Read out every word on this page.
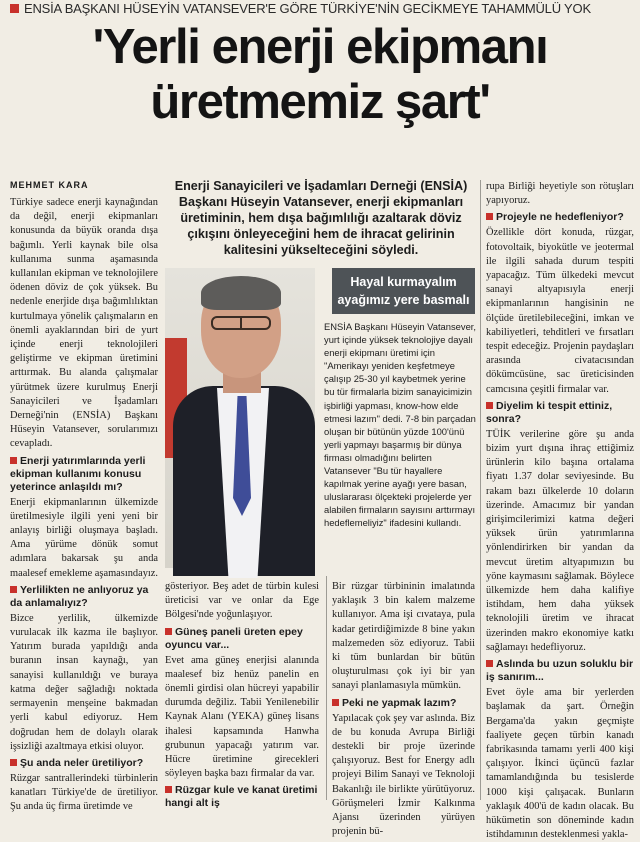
ENSİA BAŞKANI HÜSEYİN VATANSEVER'E GÖRE TÜRKİYE'NİN GECİKMEYE TAHAMMÜLÜ YOK
'Yerli enerji ekipmanı
üretmemiz şart'
MEHMET KARA

Türkiye sadece enerji kaynağından da değil, enerji ekipmanları konusunda da büyük oranda dışa bağımlı. Yerli kaynak bile olsa kullanıma sunma aşamasında kullanılan ekipman ve teknolojilere ödenen döviz de çok yüksek. Bu nedenle enerjide dışa bağımlılıktan kurtulmaya yönelik çalışmaların en önemli ayaklarından biri de yurt içinde enerji teknolojileri geliştirme ve ekipman üretimini arttırmak. Bu alanda çalışmalar yürütmek üzere kurulmuş Enerji Sanayicileri ve İşadamları Derneği'nin (ENSİA) Başkanı Hüseyin Vatansever, sorularımızı cevapladı.

Enerji yatırımlarında yerli ekipman kullanımı konusu yeterince anlaşıldı mı?

Enerji ekipmanlarının ülkemizde üretilmesiyle ilgili yeni yeni bir anlayış birliği oluşmaya başladı. Ama yürüme dönük somut adımlara bakarsak şu anda maalesef emekleme aşamasındayız.

Yerlilikten ne anlıyoruz ya da anlamalıyız?

Bizce yerlilik, ülkemizde vurulacak ilk kazma ile başlıyor. Yatırım burada yapıldığı anda buranın insan kaynağı, yan sanayisi kullanıldığı ve buraya katma değer sağladığı noktada sermayenin menşeine bakmadan yerli kabul ediyoruz. Hem doğrudan hem de dolaylı olarak işsizliği azaltmaya etkisi oluyor.

Şu anda neler üretiliyor?

Rüzgar santrallerindeki türbinlerin kanatları Türkiye'de de üretiliyor. Şu anda üç firma üretimde ve

Enerji Sanayicileri ve İşadamları Derneği (ENSİA) Başkanı Hüseyin Vatansever, enerji ekipmanları üretiminin, hem dışa bağımlılığı azaltarak döviz çıkışını önleyeceğini hem de ihracat gelirinin kalitesini yükselteceğini söyledi.
Hayal kurmayalım
ayağımız yere basmalı
ENSİA Başkanı Hüseyin Vatansever, yurt içinde yüksek teknolojiye dayalı enerji ekipmanı üretimi için "Amerikayı yeniden keşfetmeye çalışıp 25-30 yıl kaybetmek yerine bu tür firmalarla bizim sanayicimizin işbirliği yapması, know-how elde etmesi lazım" dedi. 7-8 bin parçadan oluşan bir bütünün yüzde 100'ünü yerli yapmayı başarmış bir dünya firması olmadığını belirten Vatansever "Bu tür hayallere kapılmak yerine ayağı yere basan, uluslararası ölçekteki projelerde yer alabilen firmaların sayısını arttırmayı hedeflemeliyiz" ifadesini kullandı.

gösteriyor. Beş adet de türbin kulesi üreticisi var ve onlar da Ege Bölgesi'nde yoğunlaşıyor.

Güneş paneli üreten epey oyuncu var...

Evet ama güneş enerjisi alanında maalesef biz henüz panelin en önemli girdisi olan hücreyi yapabilir durumda değiliz. Tabii Yenilenebilir Kaynak Alanı (YEKA) güneş lisans ihalesi kapsamında Hanwha grubunun yapacağı yatırım var. Hücre üretimine girecekleri söyleyen başka bazı firmalar da var.

Rüzgar kule ve kanat üretimi hangi alt iş

Bir rüzgar türbininin imalatında yaklaşık 3 bin kalem malzeme kullanıyor. Ama işi cıvataya, pula kadar getirdiğimizde 8 bine yakın malzemeden söz ediyoruz. Tabii ki tüm bunlardan bir bütün oluşturulması çok iyi bir yan sanayi planlamasıyla mümkün.

Peki ne yapmak lazım?

Yapılacak çok şey var aslında. Biz de bu konuda Avrupa Birliği destekli bir proje üzerinde çalışıyoruz. Best for Energy adlı projeyi Bilim Sanayi ve Teknoloji Bakanlığı ile birlikte yürütüyoruz. Görüşmeleri İzmir Kalkınma Ajansı üzerinden yürüyen projenin bü-

rupa Birliği heyetiyle son rötuşları yapıyoruz.

Projeyle ne hedefleniyor?

Özellikle dört konuda, rüzgar, fotovoltaik, biyokütle ve jeotermal ile ilgili sahada durum tespiti yapacağız. Tüm ülkedeki mevcut sanayi altyapısıyla enerji ekipmanlarının hangisinin ne ölçüde üretilebileceğini, imkan ve kabiliyetleri, tehditleri ve fırsatları tespit edeceğiz. Projenin paydaşları arasında civatacısından dökümcüsüne, sac üreticisinden camcısına çeşitli firmalar var.

Diyelim ki tespit ettiniz, sonra?

TÜİK verilerine göre şu anda bizim yurt dışına ihraç ettiğimiz ürünlerin kilo başına ortalama fiyatı 1.37 dolar seviyesinde. Bu rakam bazı ülkelerde 10 doların üzerinde. Amacımız bir yandan girişimcilerimizi katma değeri yüksek ürün yatırımlarına yönlendirirken bir yandan da mevcut üretim altyapımızın bu yöne kaymasını sağlamak. Böylece ülkemizde hem daha kalifiye istihdam, hem daha yüksek teknolojili üretim ve ihracat üzerinden makro ekonomiye katkı sağlamayı hedefliyoruz.

Aslında bu uzun soluklu bir iş sanırım...

Evet öyle ama bir yerlerden başlamak da şart. Örneğin Bergama'da yakın geçmişte faaliyete geçen türbin kanadı fabrikasında tamamı yerli 400 kişi çalışıyor. İkinci üçüncü fazlar tamamlandığında bu tesislerde 1000 kişi çalışacak. Bunların yaklaşık 400'ü de kadın olacak. Bu hükümetin son döneminde kadın istihdamının desteklenmesi yakla-
